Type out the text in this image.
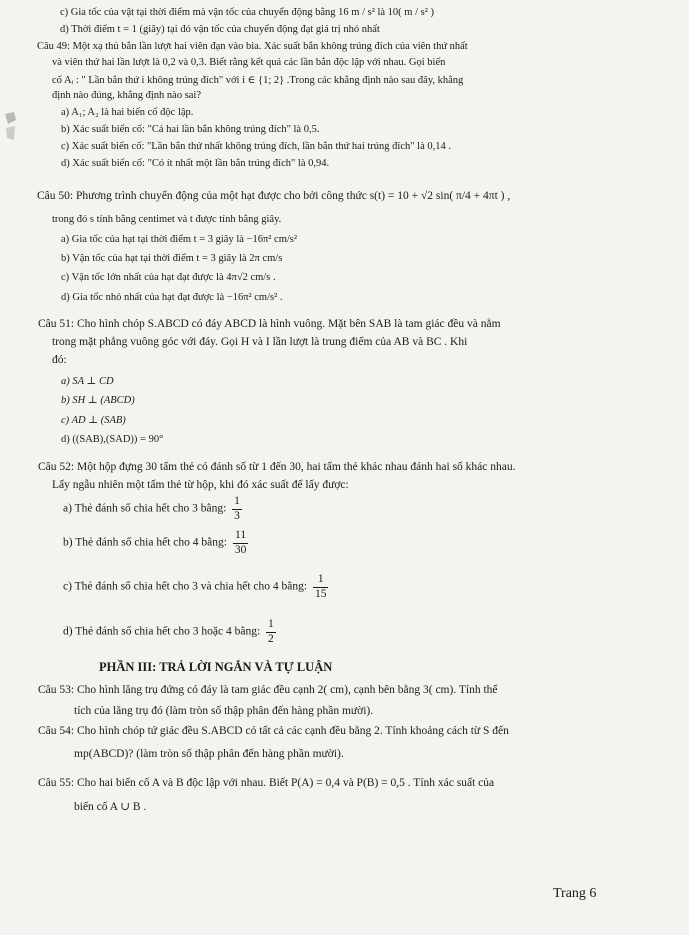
c) Gia tốc của vật tại thời điểm mà vận tốc của chuyển động bằng 16 m / s² là 10( m / s² )
d) Thời điểm t = 1 (giây) tại đó vận tốc của chuyển động đạt giá trị nhỏ nhất
Câu 49: Một xạ thủ bắn lần lượt hai viên đạn vào bia. Xác suất bắn không trúng đích của viên thứ nhất
và viên thứ hai lần lượt là 0,2 và 0,3. Biết rằng kết quả các lần bắn độc lập với nhau. Gọi biến
cố Aᵢ : " Lần bắn thứ i không trúng đích" với i ∈ {1; 2} .Trong các khẳng định nào sau đây, khẳng
định nào đúng, khẳng định nào sai?
a) A₁; A₂ là hai biến cố độc lập.
b) Xác suất biến cố: "Cả hai lần bắn không trúng đích" là 0,5.
c) Xác suất biến cố: "Lần bắn thứ nhất không trúng đích, lần bắn thứ hai trúng đích" là 0,14 .
d) Xác suất biến cố: "Có ít nhất một lần bắn trúng đích" là 0,94.
Câu 50: Phương trình chuyển động của một hạt được cho bởi công thức s(t) = 10 + √2 sin( π/4 + 4πt ) ,
trong đó s tính bằng centimet và t được tính bằng giây.
a) Gia tốc của hạt tại thời điểm t = 3 giây là −16π² cm/s²
b) Vận tốc của hạt tại thời điểm t = 3 giây là 2π cm/s
c) Vận tốc lớn nhất của hạt đạt được là 4π√2 cm/s .
d) Gia tốc nhỏ nhất của hạt đạt được là −16π² cm/s² .
Câu 51: Cho hình chóp S.ABCD có đáy ABCD là hình vuông. Mặt bên SAB là tam giác đều và nằm
trong mặt phẳng vuông góc với đáy. Gọi H và I lần lượt là trung điểm của AB và BC . Khi
đó:
a) SA ⊥ CD
b) SH ⊥ (ABCD)
c) AD ⊥ (SAB)
d) ((SAB),(SAD)) = 90°
Câu 52: Một hộp đựng 30 tấm thẻ có đánh số từ 1 đến 30, hai tấm thẻ khác nhau đánh hai số khác nhau.
Lấy ngẫu nhiên một tấm thẻ từ hộp, khi đó xác suất để lấy được:
a) Thẻ đánh số chia hết cho 3 bằng: $\frac{1}{3}$
b) Thẻ đánh số chia hết cho 4 bằng: $\frac{11}{30}$
c) Thẻ đánh số chia hết cho 3 và chia hết cho 4 bằng: $\frac{1}{15}$
d) Thẻ đánh số chia hết cho 3 hoặc 4 bằng: $\frac{1}{2}$
PHẦN III: TRẢ LỜI NGẮN VÀ TỰ LUẬN
Câu 53: Cho hình lăng trụ đứng có đáy là tam giác đều cạnh 2( cm), cạnh bên bằng 3( cm). Tính thể
tích của lăng trụ đó (làm tròn số thập phân đến hàng phần mười).
Câu 54: Cho hình chóp tứ giác đều S.ABCD có tất cả các cạnh đều bằng 2. Tính khoảng cách từ S đến
mp(ABCD)? (làm tròn số thập phân đến hàng phần mười).
Câu 55: Cho hai biến cố A và B độc lập với nhau. Biết P(A) = 0,4 và P(B) = 0,5 . Tính xác suất của
biến cố A ∪ B .
Trang 6
